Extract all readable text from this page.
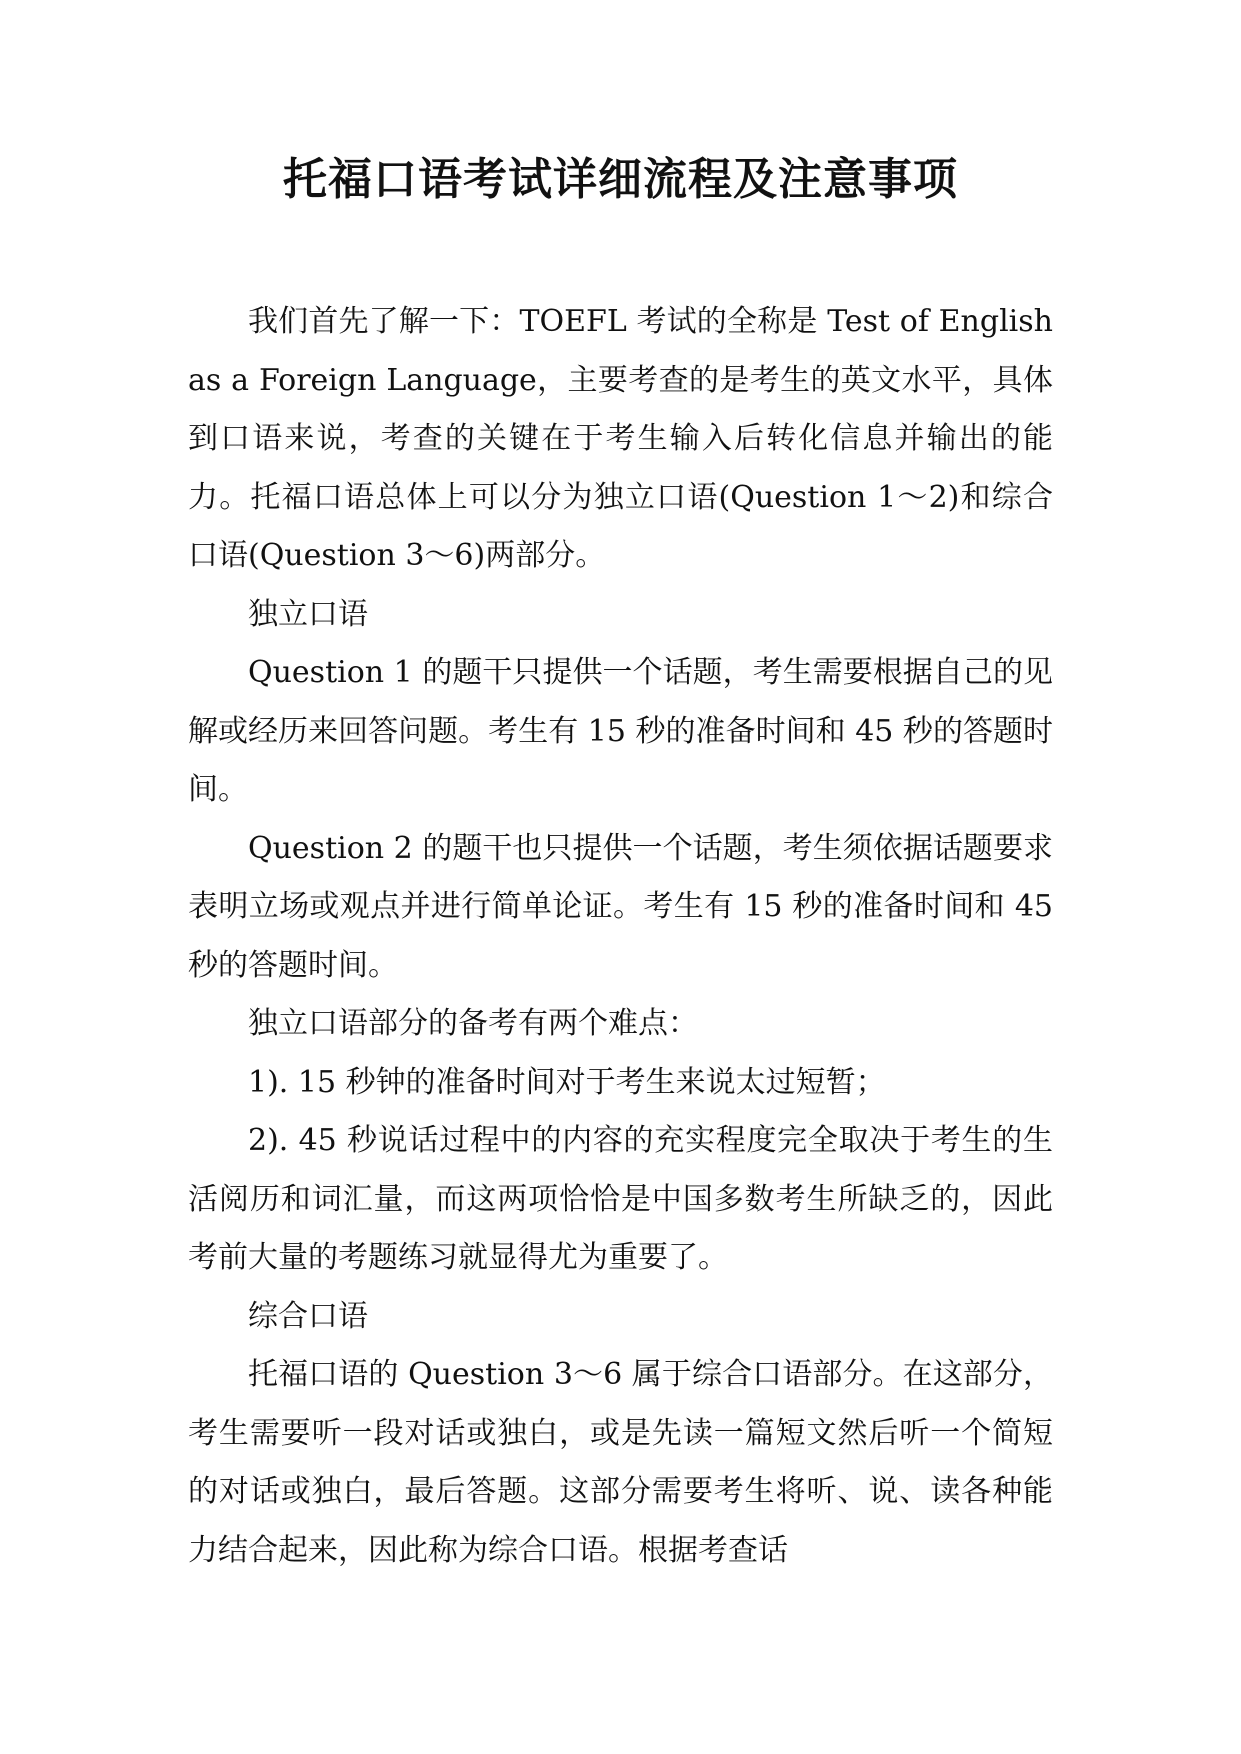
托福口语考试详细流程及注意事项

我们首先了解一下：TOEFL 考试的全称是 Test of English as a Foreign Language，主要考查的是考生的英文水平，具体到口语来说，考查的关键在于考生输入后转化信息并输出的能力。托福口语总体上可以分为独立口语(Question 1～2)和综合口语(Question 3～6)两部分。

独立口语

Question 1 的题干只提供一个话题，考生需要根据自己的见解或经历来回答问题。考生有 15 秒的准备时间和 45 秒的答题时间。

Question 2 的题干也只提供一个话题，考生须依据话题要求表明立场或观点并进行简单论证。考生有 15 秒的准备时间和 45 秒的答题时间。

独立口语部分的备考有两个难点：

1). 15 秒钟的准备时间对于考生来说太过短暂；

2). 45 秒说话过程中的内容的充实程度完全取决于考生的生活阅历和词汇量，而这两项恰恰是中国多数考生所缺乏的，因此考前大量的考题练习就显得尤为重要了。

综合口语

托福口语的 Question 3～6 属于综合口语部分。在这部分，考生需要听一段对话或独白，或是先读一篇短文然后听一个简短的对话或独白，最后答题。这部分需要考生将听、说、读各种能力结合起来，因此称为综合口语。根据考查话
